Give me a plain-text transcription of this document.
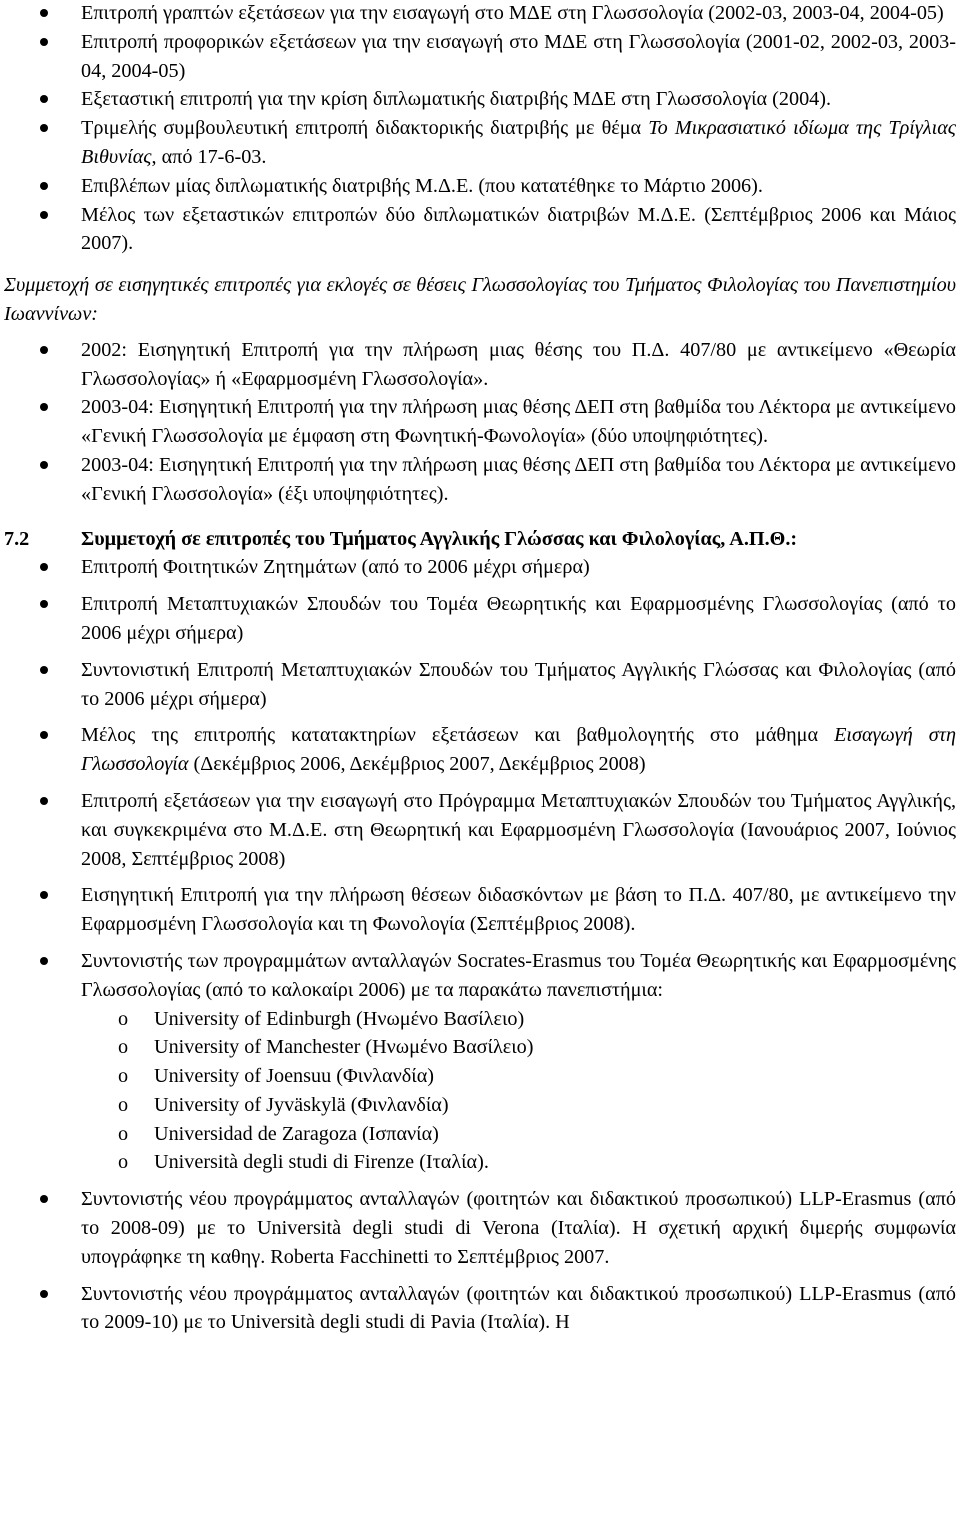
Επιτροπή γραπτών εξετάσεων για την εισαγωγή στο ΜΔΕ στη Γλωσσολογία (2002-03, 2003-04, 2004-05)

Επιτροπή προφορικών εξετάσεων για την εισαγωγή στο ΜΔΕ στη Γλωσσολογία (2001-02, 2002-03, 2003-04, 2004-05)

Εξεταστική επιτροπή για την κρίση διπλωματικής διατριβής ΜΔΕ στη Γλωσσολογία (2004).

Τριμελής συμβουλευτική επιτροπή διδακτορικής διατριβής με θέμα Το Μικρασιατικό ιδίωμα της Τρίγλιας Βιθυνίας, από 17-6-03.

Επιβλέπων μίας διπλωματικής διατριβής Μ.Δ.Ε. (που κατατέθηκε το Μάρτιο 2006).

Μέλος των εξεταστικών επιτροπών δύο διπλωματικών διατριβών Μ.Δ.Ε. (Σεπτέμβριος 2006 και Μάιος 2007).

Συμμετοχή σε εισηγητικές επιτροπές για εκλογές σε θέσεις Γλωσσολογίας του Τμήματος Φιλολογίας του Πανεπιστημίου Ιωαννίνων:

2002: Εισηγητική Επιτροπή για την πλήρωση μιας θέσης του Π.Δ. 407/80 με αντικείμενο «Θεωρία Γλωσσολογίας» ή «Εφαρμοσμένη Γλωσσολογία».

2003-04: Εισηγητική Επιτροπή για την πλήρωση μιας θέσης ΔΕΠ στη βαθμίδα του Λέκτορα με αντικείμενο «Γενική Γλωσσολογία με έμφαση στη Φωνητική-Φωνολογία» (δύο υποψηφιότητες).

2003-04: Εισηγητική Επιτροπή για την πλήρωση μιας θέσης ΔΕΠ στη βαθμίδα του Λέκτορα με αντικείμενο «Γενική Γλωσσολογία» (έξι υποψηφιότητες).

7.2	Συμμετοχή σε επιτροπές του Τμήματος Αγγλικής Γλώσσας και Φιλολογίας, Α.Π.Θ.:

Επιτροπή Φοιτητικών Ζητημάτων (από το 2006 μέχρι σήμερα)

Επιτροπή Μεταπτυχιακών Σπουδών του Τομέα Θεωρητικής και Εφαρμοσμένης Γλωσσολογίας (από το 2006 μέχρι σήμερα)

Συντονιστική Επιτροπή Μεταπτυχιακών Σπουδών του Τμήματος Αγγλικής Γλώσσας και Φιλολογίας (από το 2006 μέχρι σήμερα)

Μέλος της επιτροπής κατατακτηρίων εξετάσεων και βαθμολογητής στο μάθημα Εισαγωγή στη Γλωσσολογία (Δεκέμβριος 2006, Δεκέμβριος 2007, Δεκέμβριος 2008)

Επιτροπή εξετάσεων για την εισαγωγή στο Πρόγραμμα Μεταπτυχιακών Σπουδών του Τμήματος Αγγλικής, και συγκεκριμένα στο Μ.Δ.Ε. στη Θεωρητική και Εφαρμοσμένη Γλωσσολογία (Ιανουάριος 2007, Ιούνιος 2008, Σεπτέμβριος 2008)

Εισηγητική Επιτροπή για την πλήρωση θέσεων διδασκόντων με βάση το Π.Δ. 407/80, με αντικείμενο την Εφαρμοσμένη Γλωσσολογία και τη Φωνολογία (Σεπτέμβριος 2008).

Συντονιστής των προγραμμάτων ανταλλαγών Socrates-Erasmus του Τομέα Θεωρητικής και Εφαρμοσμένης Γλωσσολογίας (από το καλοκαίρι 2006) με τα παρακάτω πανεπιστήμια:

o University of Edinburgh (Ηνωμένο Βασίλειο)

o University of Manchester (Ηνωμένο Βασίλειο)

o University of Joensuu (Φινλανδία)

o University of Jyväskylä (Φινλανδία)

o Universidad de Zaragoza (Ισπανία)

o Università degli studi di Firenze (Ιταλία).

Συντονιστής νέου προγράμματος ανταλλαγών (φοιτητών και διδακτικού προσωπικού) LLP-Erasmus (από το 2008-09) με το Università degli studi di Verona (Ιταλία). Η σχετική αρχική διμερής συμφωνία υπογράφηκε τη καθηγ. Roberta Facchinetti το Σεπτέμβριος 2007.

Συντονιστής νέου προγράμματος ανταλλαγών (φοιτητών και διδακτικού προσωπικού) LLP-Erasmus (από το 2009-10) με το Università degli studi di Pavia (Ιταλία). Η
